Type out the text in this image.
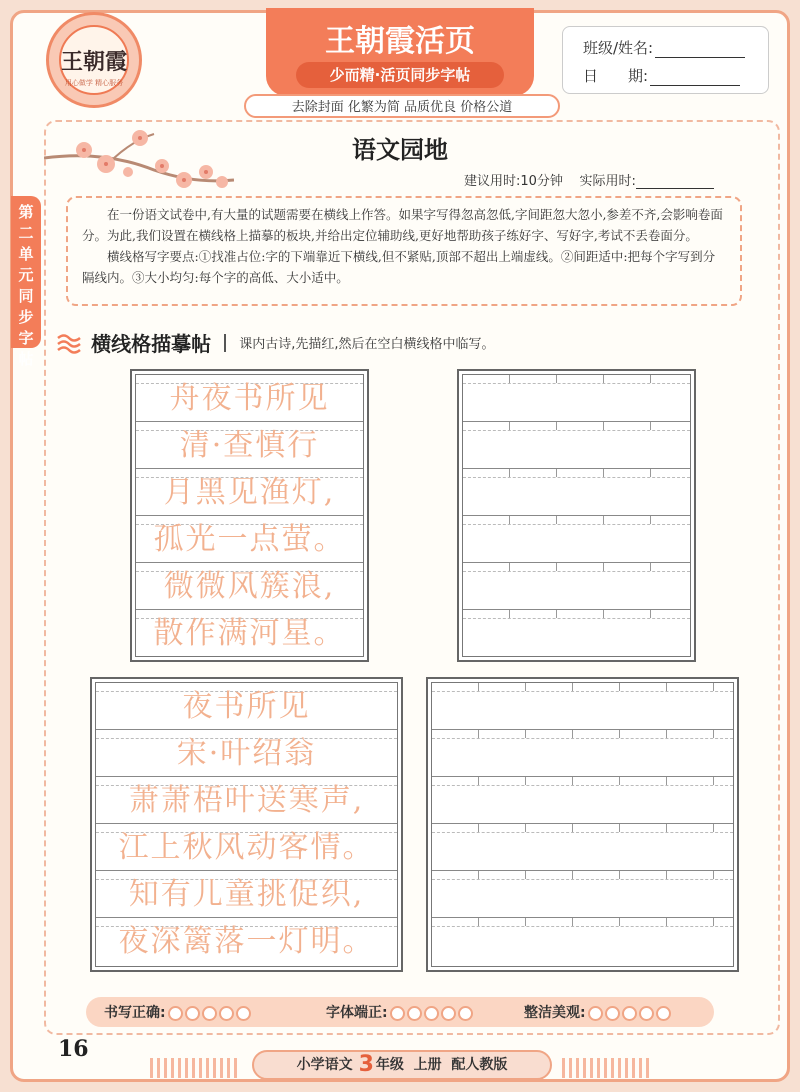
王朝霞
用心做学 精心服务
王朝霞活页
少而精·活页同步字帖
去除封面 化繁为简 品质优良 价格公道
班级/姓名:
日　　期:
第二单元同步字帖
语文园地
建议用时:10分钟 实际用时:

在一份语文试卷中,有大量的试题需要在横线上作答。如果字写得忽高忽低,字间距忽大忽小,参差不齐,会影响卷面分。为此,我们设置在横线格上描摹的板块,并给出定位辅助线,更好地帮助孩子练好字、写好字,考试不丢卷面分。

横线格写字要点:①找准占位:字的下端靠近下横线,但不紧贴,顶部不超出上端虚线。②间距适中:把每个字写到分隔线内。③大小均匀:每个字的高低、大小适中。

横线格描摹帖 课内古诗,先描红,然后在空白横线格中临写。
舟夜书所见
清·查慎行
月黑见渔灯,
孤光一点萤。
微微风簇浪,
散作满河星。
夜书所见
宋·叶绍翁
萧萧梧叶送寒声,
江上秋风动客情。
知有儿童挑促织,
夜深篱落一灯明。
书写正确:	字体端正:	整洁美观:
16
小学语文 3 年级 上册 配人教版
